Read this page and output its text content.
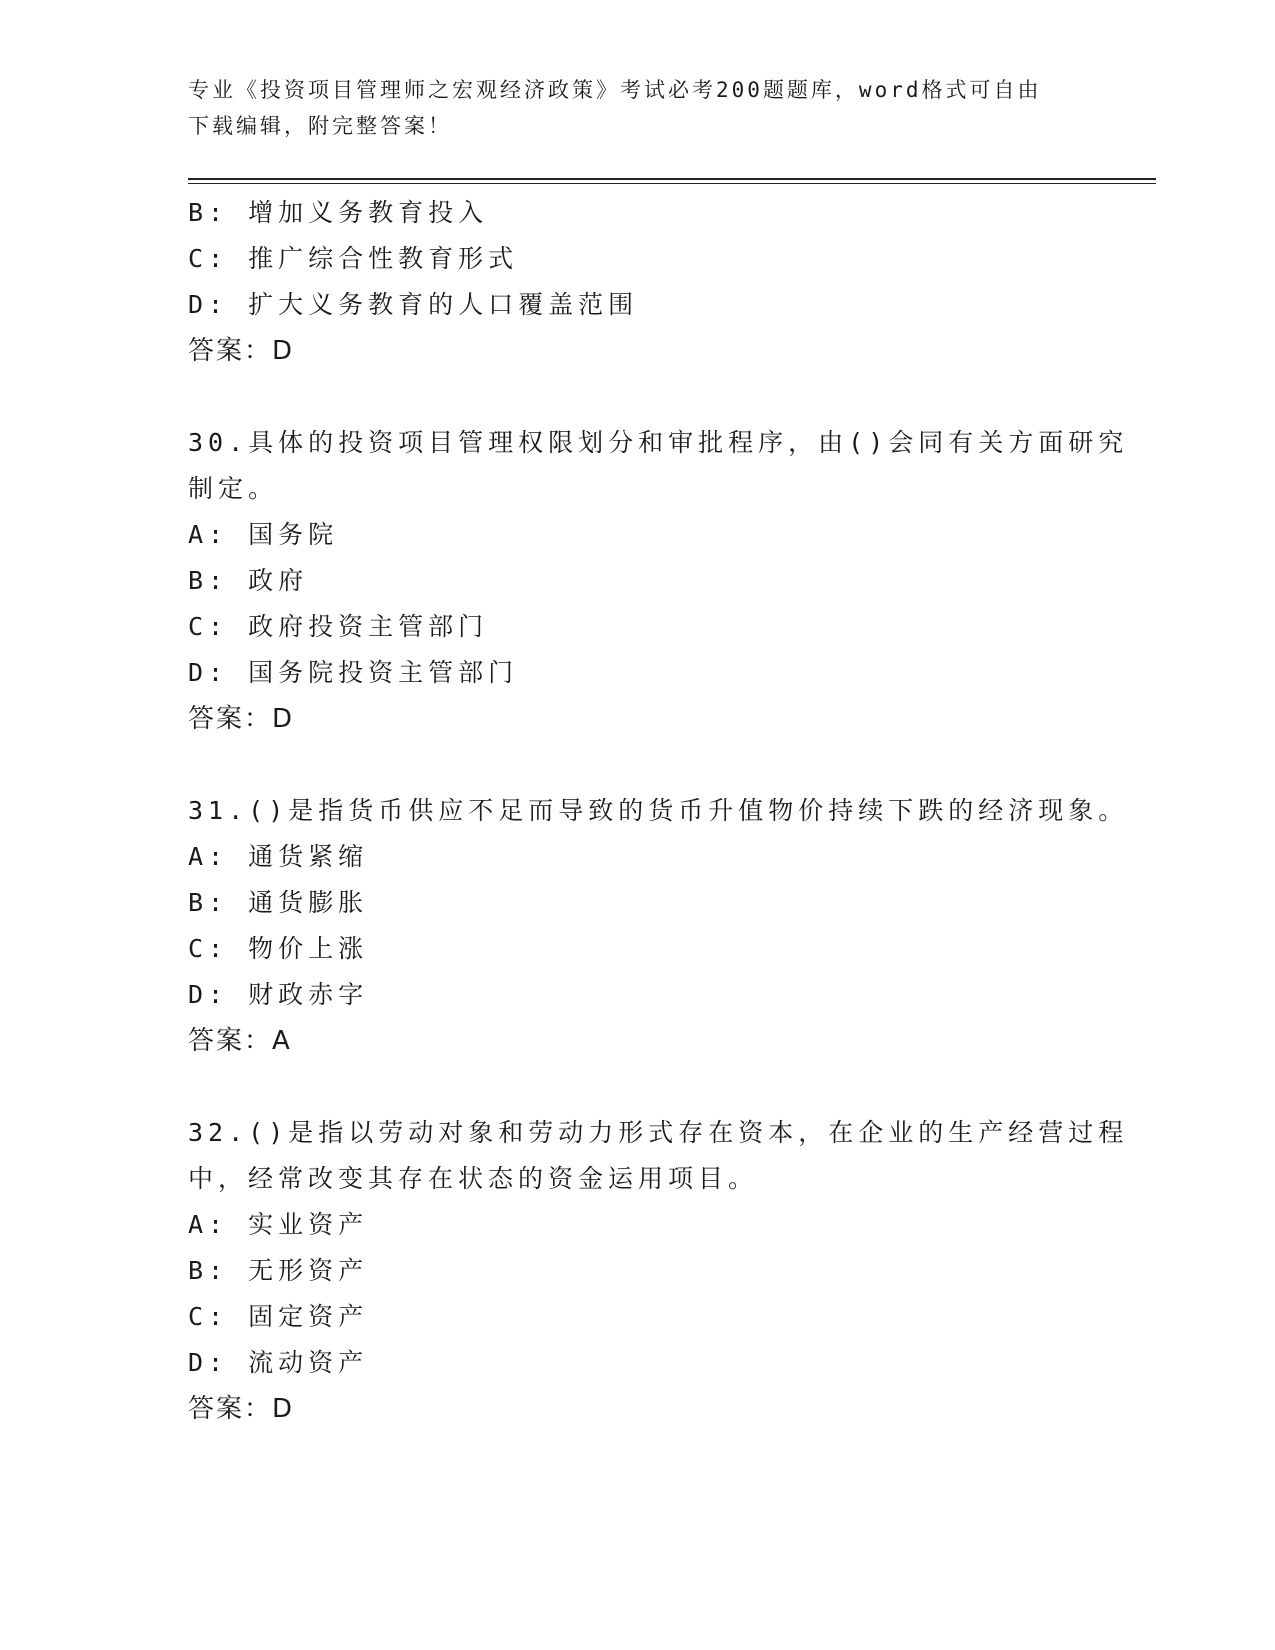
专业《投资项目管理师之宏观经济政策》考试必考200题题库，word格式可自由
下载编辑，附完整答案！
B: 增加义务教育投入
C: 推广综合性教育形式
D: 扩大义务教育的人口覆盖范围
答案：D
30.具体的投资项目管理权限划分和审批程序，由()会同有关方面研究
制定。
A: 国务院
B: 政府
C: 政府投资主管部门
D: 国务院投资主管部门
答案：D
31.()是指货币供应不足而导致的货币升值物价持续下跌的经济现象。
A: 通货紧缩
B: 通货膨胀
C: 物价上涨
D: 财政赤字
答案：A
32.()是指以劳动对象和劳动力形式存在资本，在企业的生产经营过程
中，经常改变其存在状态的资金运用项目。
A: 实业资产
B: 无形资产
C: 固定资产
D: 流动资产
答案：D
